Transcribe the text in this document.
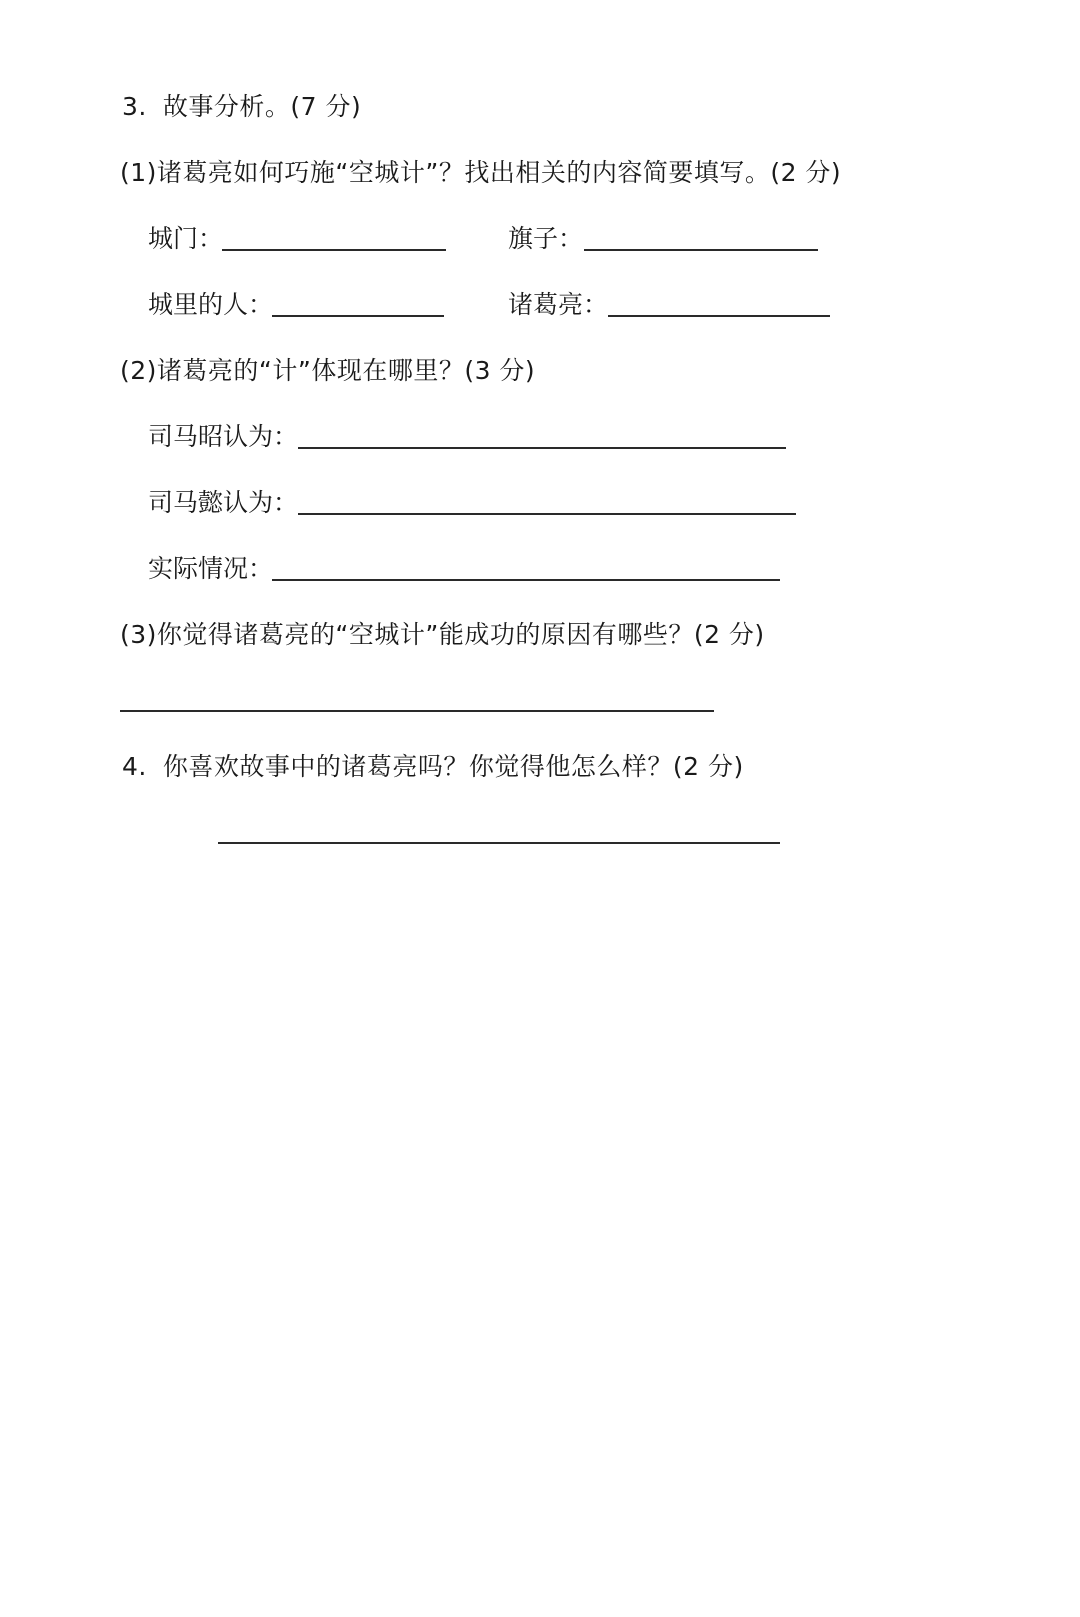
3. 故事分析。(7 分)
(1)诸葛亮如何巧施“空城计”？找出相关的内容简要填写。(2 分)
城门：	旗子：
城里的人：	诸葛亮：
(2)诸葛亮的“计”体现在哪里？(3 分)
司马昭认为：
司马懿认为：
实际情况：
(3)你觉得诸葛亮的“空城计”能成功的原因有哪些？(2 分)
4. 你喜欢故事中的诸葛亮吗？你觉得他怎么样？(2 分)
